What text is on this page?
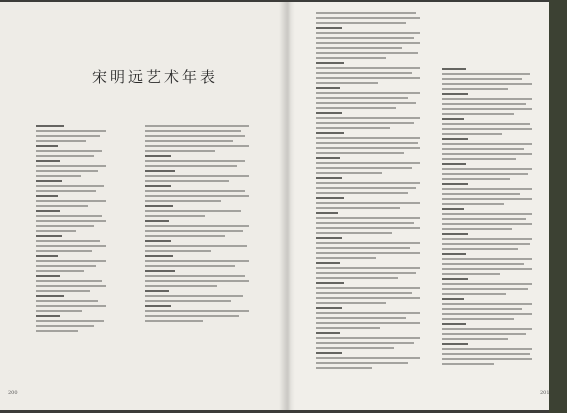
宋明远艺术年表
200	201
